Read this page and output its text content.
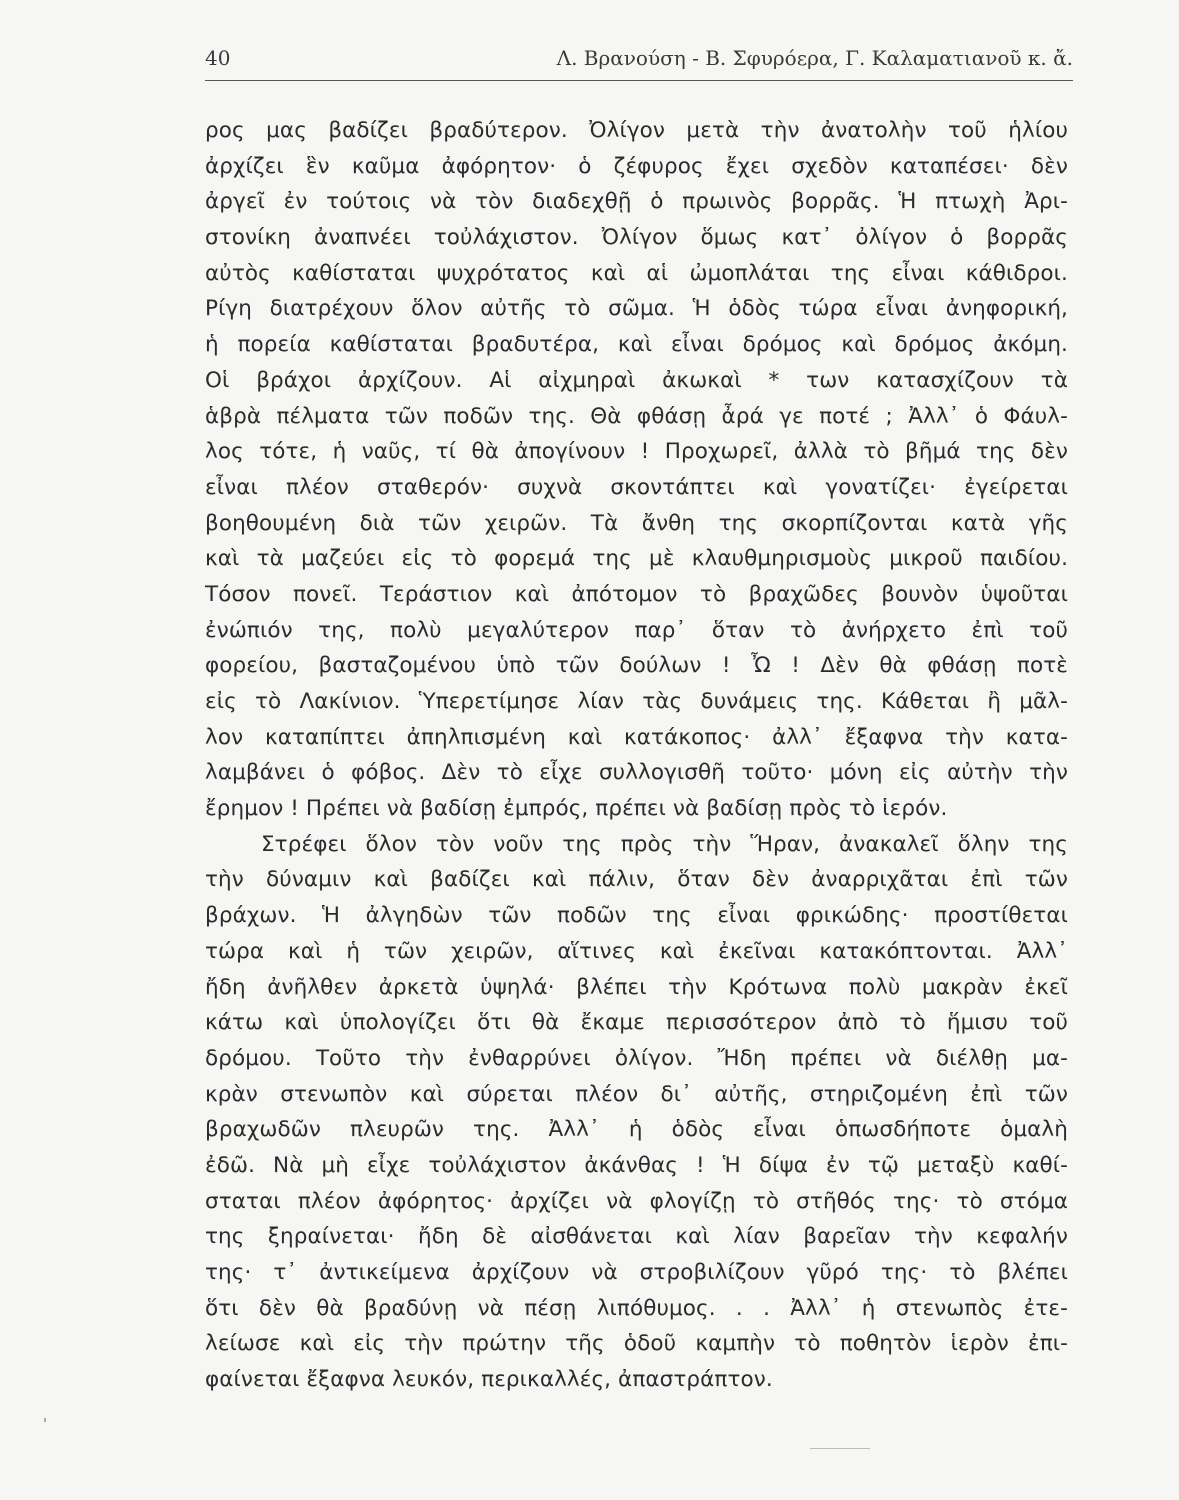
40	Λ. Βρανούση - Β. Σφυρόερα, Γ. Καλαματιανοῦ κ. ἄ.
ρος μας βαδίζει βραδύτερον. Ὀλίγον μετὰ τὴν ἀνατολὴν τοῦ ἡλίου
ἀρχίζει ἓν καῦμα ἀφόρητον· ὁ ζέφυρος ἔχει σχεδὸν καταπέσει· δὲν
ἀργεῖ ἐν τούτοις νὰ τὸν διαδεχθῇ ὁ πρωινὸς βορρᾶς. Ἡ πτωχὴ Ἀρι-
στονίκη ἀναπνέει τοὐλάχιστον. Ὀλίγον ὅμως κατ᾽ ὀλίγον ὁ βορρᾶς
αὐτὸς καθίσταται ψυχρότατος καὶ αἱ ὠμοπλάται της εἶναι κάθιδροι.
Ρίγη διατρέχουν ὅλον αὐτῆς τὸ σῶμα. Ἡ ὁδὸς τώρα εἶναι ἀνηφορική,
ἡ πορεία καθίσταται βραδυτέρα, καὶ εἶναι δρόμος καὶ δρόμος ἀκόμη.
Οἱ βράχοι ἀρχίζουν. Αἱ αἰχμηραὶ ἀκωκαὶ * των κατασχίζουν τὰ
ἁβρὰ πέλματα τῶν ποδῶν της. Θὰ φθάσῃ ἆρά γε ποτέ ; Ἀλλ᾽ ὁ Φάυλ-
λος τότε, ἡ ναῦς, τί θὰ ἀπογίνουν ! Προχωρεῖ, ἀλλὰ τὸ βῆμά της δὲν
εἶναι πλέον σταθερόν· συχνὰ σκοντάπτει καὶ γονατίζει· ἐγείρεται
βοηθουμένη διὰ τῶν χειρῶν. Τὰ ἄνθη της σκορπίζονται κατὰ γῆς
καὶ τὰ μαζεύει εἰς τὸ φορεμά της μὲ κλαυθμηρισμοὺς μικροῦ παιδίου.
Τόσον πονεῖ. Τεράστιον καὶ ἀπότομον τὸ βραχῶδες βουνὸν ὑψοῦται
ἐνώπιόν της, πολὺ μεγαλύτερον παρ᾽ ὅταν τὸ ἀνήρχετο ἐπὶ τοῦ
φορείου, βασταζομένου ὑπὸ τῶν δούλων ! Ὦ ! Δὲν θὰ φθάσῃ ποτὲ
εἰς τὸ Λακίνιον. Ὑπερετίμησε λίαν τὰς δυνάμεις της. Κάθεται ἢ μᾶλ-
λον καταπίπτει ἀπηλπισμένη καὶ κατάκοπος· ἀλλ᾽ ἔξαφνα τὴν κατα-
λαμβάνει ὁ φόβος. Δὲν τὸ εἶχε συλλογισθῆ τοῦτο· μόνη εἰς αὐτὴν τὴν
ἔρημον ! Πρέπει νὰ βαδίσῃ ἐμπρός, πρέπει νὰ βαδίσῃ πρὸς τὸ ἱερόν.
Στρέφει ὅλον τὸν νοῦν της πρὸς τὴν Ἥραν, ἀνακαλεῖ ὅλην της
τὴν δύναμιν καὶ βαδίζει καὶ πάλιν, ὅταν δὲν ἀναρριχᾶται ἐπὶ τῶν
βράχων. Ἡ ἀλγηδὼν τῶν ποδῶν της εἶναι φρικώδης· προστίθεται
τώρα καὶ ἡ τῶν χειρῶν, αἵτινες καὶ ἐκεῖναι κατακόπτονται. Ἀλλ᾽
ἤδη ἀνῆλθεν ἀρκετὰ ὑψηλά· βλέπει τὴν Κρότωνα πολὺ μακρὰν ἐκεῖ
κάτω καὶ ὑπολογίζει ὅτι θὰ ἔκαμε περισσότερον ἀπὸ τὸ ἥμισυ τοῦ
δρόμου. Τοῦτο τὴν ἐνθαρρύνει ὀλίγον. Ἤδη πρέπει νὰ διέλθῃ μα-
κρὰν στενωπὸν καὶ σύρεται πλέον δι᾽ αὐτῆς, στηριζομένη ἐπὶ τῶν
βραχωδῶν πλευρῶν της. Ἀλλ᾽ ἡ ὁδὸς εἶναι ὁπωσδήποτε ὁμαλὴ
ἐδῶ. Νὰ μὴ εἶχε τοὐλάχιστον ἀκάνθας ! Ἡ δίψα ἐν τῷ μεταξὺ καθί-
σταται πλέον ἀφόρητος· ἀρχίζει νὰ φλογίζῃ τὸ στῆθός της· τὸ στόμα
της ξηραίνεται· ἤδη δὲ αἰσθάνεται καὶ λίαν βαρεῖαν τὴν κεφαλήν
της· τ᾽ ἀντικείμενα ἀρχίζουν νὰ στροβιλίζουν γῦρό της· τὸ βλέπει
ὅτι δὲν θὰ βραδύνῃ νὰ πέσῃ λιπόθυμος. . . Ἀλλ᾽ ἡ στενωπὸς ἐτε-
λείωσε καὶ εἰς τὴν πρώτην τῆς ὁδοῦ καμπὴν τὸ ποθητὸν ἱερὸν ἐπι-
φαίνεται ἔξαφνα λευκόν, περικαλλές, ἀπαστράπτον.
